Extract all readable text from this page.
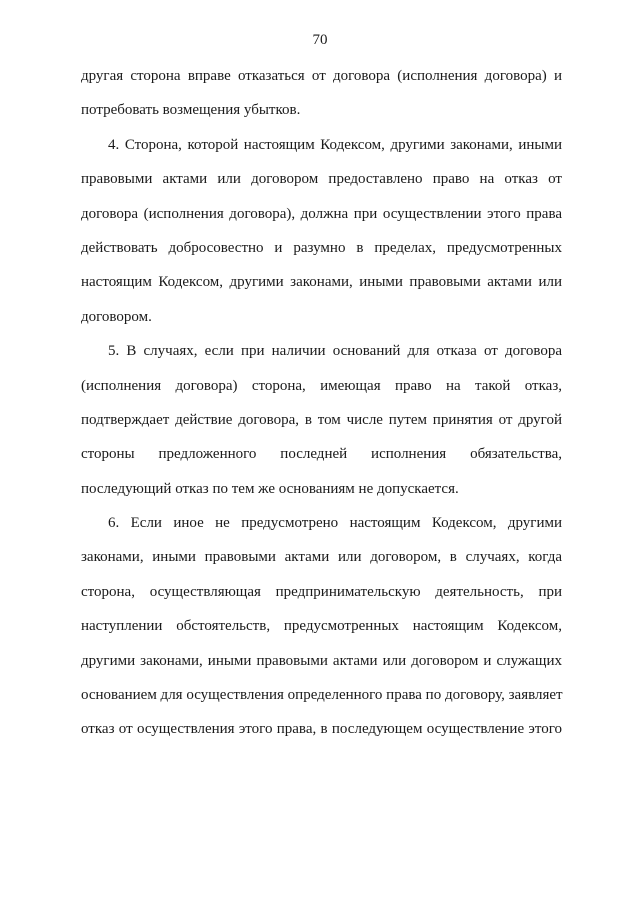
70
другая сторона вправе отказаться от договора (исполнения договора) и
потребовать возмещения убытков.
4. Сторона, которой настоящим Кодексом, другими законами, иными
правовыми актами или договором предоставлено право на отказ от
договора (исполнения договора), должна при осуществлении этого права
действовать добросовестно и разумно в пределах, предусмотренных
настоящим Кодексом, другими законами, иными правовыми актами или
договором.
5. В случаях, если при наличии оснований для отказа от договора
(исполнения договора) сторона, имеющая право на такой отказ,
подтверждает действие договора, в том числе путем принятия от другой
стороны предложенного последней исполнения обязательства,
последующий отказ по тем же основаниям не допускается.
6. Если иное не предусмотрено настоящим Кодексом, другими
законами, иными правовыми актами или договором, в случаях, когда
сторона, осуществляющая предпринимательскую деятельность, при
наступлении обстоятельств, предусмотренных настоящим Кодексом,
другими законами, иными правовыми актами или договором и служащих
основанием для осуществления определенного права по договору, заявляет
отказ от осуществления этого права, в последующем осуществление этого
